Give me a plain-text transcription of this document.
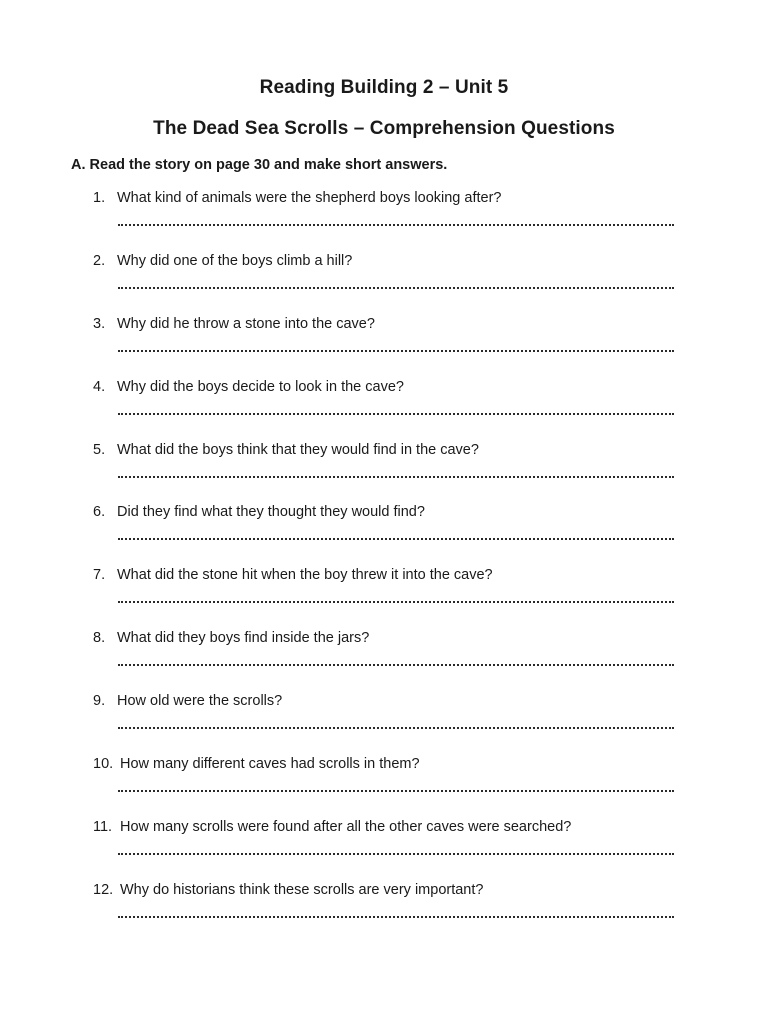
Reading Building 2 – Unit 5
The Dead Sea Scrolls – Comprehension Questions
A. Read the story on page 30 and make short answers.
1. What kind of animals were the shepherd boys looking after?
2. Why did one of the boys climb a hill?
3. Why did he throw a stone into the cave?
4. Why did the boys decide to look in the cave?
5. What did the boys think that they would find in the cave?
6. Did they find what they thought they would find?
7. What did the stone hit when the boy threw it into the cave?
8. What did they boys find inside the jars?
9. How old were the scrolls?
10. How many different caves had scrolls in them?
11. How many scrolls were found after all the other caves were searched?
12. Why do historians think these scrolls are very important?
